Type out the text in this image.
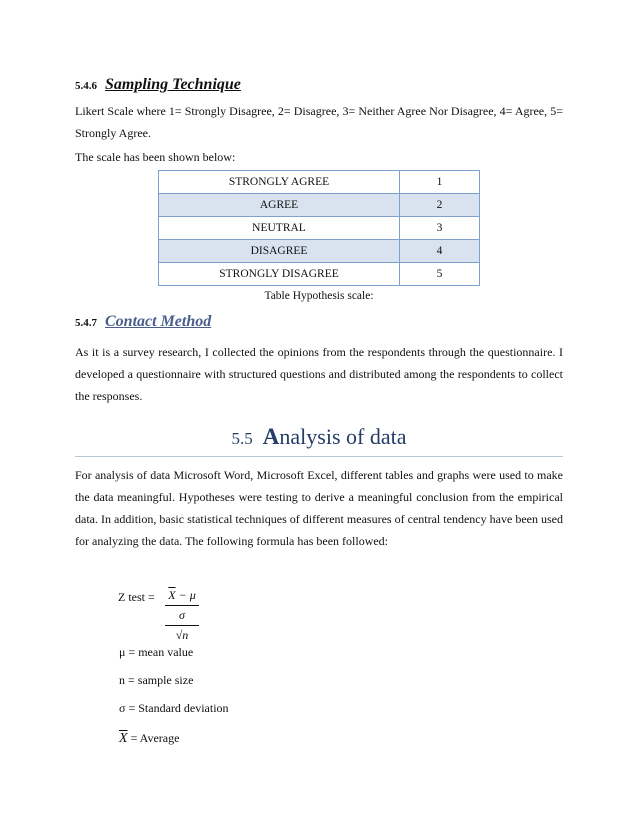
5.4.6 Sampling Technique
Likert Scale where 1= Strongly Disagree, 2= Disagree, 3= Neither Agree Nor Disagree, 4= Agree, 5= Strongly Agree.
The scale has been shown below:
STRONGLY AGREE	1
AGREE	2
NEUTRAL	3
DISAGREE	4
STRONGLY DISAGREE	5
Table Hypothesis scale:
5.4.7 Contact Method
As it is a survey research, I collected the opinions from the respondents through the questionnaire. I developed a questionnaire with structured questions and distributed among the respondents to collect the responses.
5.5 Analysis of data
For analysis of data Microsoft Word, Microsoft Excel, different tables and graphs were used to make the data meaningful. Hypotheses were testing to derive a meaningful conclusion from the empirical data. In addition, basic statistical techniques of different measures of central tendency have been used for analyzing the data. The following formula has been followed:
Z test =	$\overline{X} - \mu$
σ
√n
μ = mean value
n = sample size
σ = Standard deviation
$\overline{X}$ = Average
